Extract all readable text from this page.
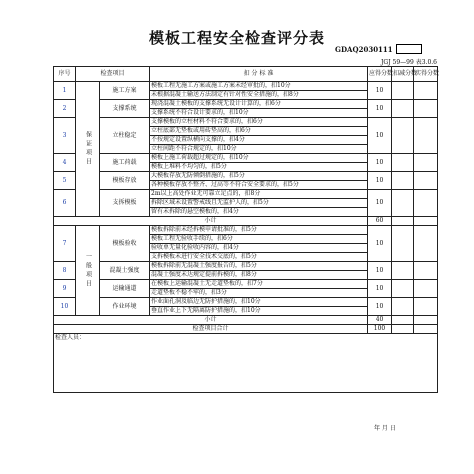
模板工程安全检查评分表
GDAQ2030111
JGJ 59—99 表3.0.6
序号	检查项目		扣 分 标 准	应得分数	扣减分数	实得分数
1	保证项目	施工方案	模板工程无施工方案或施工方案未经审批的，扣10分
未根据混凝土输送方法制定有针对性安全措施的，扣8分	10		
2		支撑系统	现浇混凝土模板的支撑系统无设计计算的，扣6分
支撑系统不符合设计要求的，扣10分	10		
3		立柱稳定	支撑模板的立柱材料不符合要求的，扣6分
立柱底部无垫板或用砖垫高的，扣6分
不按规定设置纵横向支撑的，扣4分
立柱间距不符合规定的，扣10分	10		
4		施工荷载	模板上施工荷载超过规定的，扣10分
模板上堆料不均匀的，扣5分	10		
5		模板存放	大模板存放无防倾倒措施的，扣5分
各种模板存放不整齐、过高等不符合安全要求的，扣5分	10		
6		支拆模板	2m以上高处作业无可靠立足点的，扣8分
拆除区域未设置警戒线且无监护人的，扣5分
留有未拆除的悬空模板的，扣4分	10		
小计				60		
7	一般项目	模板验收	模板拆除前未经拆模申请批准的，扣5分
模板工程无验收手续的，扣6分
验收单无量化验收内容的，扣4分
支拆模板未进行安全技术交底的，扣5分	10		
8		混凝土强度	模板拆除前无混凝土强度报告的，扣5分
混凝土强度未达规定提前拆模的，扣8分	10		
9		运输通道	在模板上运输混凝土无走道垫板的，扣7分
走道垫板不稳不牢的，扣3分	10		
10		作业环境	作业面孔洞及临边无防护措施的，扣10分
垂直作业上下无隔离防护措施的，扣10分	10		
小计				40		
检查项目合计				100		
检查人员：						
年 月 日
